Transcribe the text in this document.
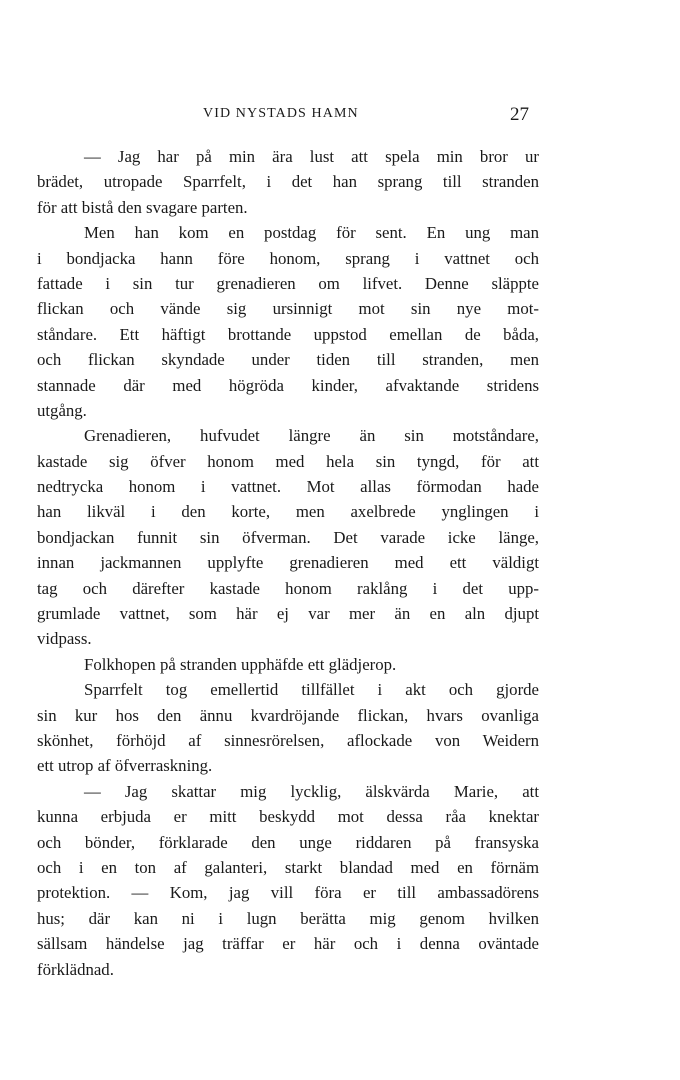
VID NYSTADS HAMN	27
— Jag har på min ära lust att spela min bror ur
brädet, utropade Sparrfelt, i det han sprang till stranden
för att bistå den svagare parten.
Men han kom en postdag för sent. En ung man
i bondjacka hann före honom, sprang i vattnet och
fattade i sin tur grenadieren om lifvet. Denne släppte
flickan och vände sig ursinnigt mot sin nye mot-
ståndare. Ett häftigt brottande uppstod emellan de båda,
och flickan skyndade under tiden till stranden, men
stannade där med högröda kinder, afvaktande stridens
utgång.
Grenadieren, hufvudet längre än sin motståndare,
kastade sig öfver honom med hela sin tyngd, för att
nedtrycka honom i vattnet. Mot allas förmodan hade
han likväl i den korte, men axelbrede ynglingen i
bondjackan funnit sin öfverman. Det varade icke länge,
innan jackmannen upplyfte grenadieren med ett väldigt
tag och därefter kastade honom raklång i det upp-
grumlade vattnet, som här ej var mer än en aln djupt
vidpass.
Folkhopen på stranden upphäfde ett glädjerop.
Sparrfelt tog emellertid tillfället i akt och gjorde
sin kur hos den ännu kvardröjande flickan, hvars ovanliga
skönhet, förhöjd af sinnesrörelsen, aflockade von Weidern
ett utrop af öfverraskning.
— Jag skattar mig lycklig, älskvärda Marie, att
kunna erbjuda er mitt beskydd mot dessa råa knektar
och bönder, förklarade den unge riddaren på fransyska
och i en ton af galanteri, starkt blandad med en förnäm
protektion. — Kom, jag vill föra er till ambassadörens
hus; där kan ni i lugn berätta mig genom hvilken
sällsam händelse jag träffar er här och i denna oväntade
förklädnad.
